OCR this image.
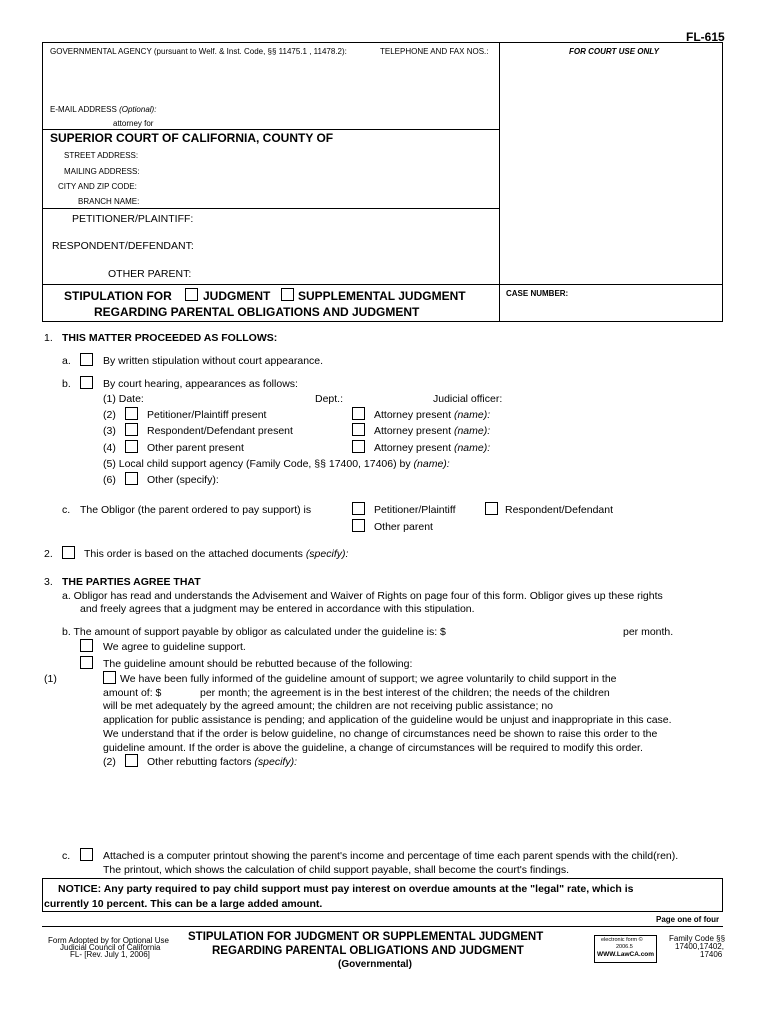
FL-615
GOVERNMENTAL AGENCY (pursuant to Welf. & Inst. Code, §§ 11475.1 , 11478.2):	TELEPHONE AND FAX NOS.:	FOR COURT USE ONLY
E-MAIL ADDRESS (Optional):
attorney for
SUPERIOR COURT OF CALIFORNIA, COUNTY OF
STREET ADDRESS:
MAILING ADDRESS:
CITY AND ZIP CODE:
BRANCH NAME:
PETITIONER/PLAINTIFF:
RESPONDENT/DEFENDANT:
OTHER PARENT:
STIPULATION FOR	JUDGMENT SUPPLEMENTAL JUDGMENT
REGARDING PARENTAL OBLIGATIONS AND JUDGMENT
CASE NUMBER:
1. THIS MATTER PROCEEDED AS FOLLOWS:
a.	By written stipulation without court appearance.
b.	By court hearing, appearances as follows:
(1) Date:	Dept.:	Judicial officer:
(2)	Petitioner/Plaintiff present	Attorney present (name):
(3)	Respondent/Defendant present	Attorney present (name):
(4)	Other parent present	Attorney present (name):
(5) Local child support agency (Family Code, §§ 17400, 17406) by (name):
(6)	Other (specify):
c. The Obligor (the parent ordered to pay support) is	Petitioner/Plaintiff	Respondent/Defendant
Other parent
2.	This order is based on the attached documents (specify):
3. THE PARTIES AGREE THAT
a. Obligor has read and understands the Advisement and Waiver of Rights on page four of this form. Obligor gives up these rights
and freely agrees that a judgment may be entered in accordance with this stipulation.
b. The amount of support payable by obligor as calculated under the guideline is: $	per month.
We agree to guideline support.
The guideline amount should be rebutted because of the following:
(1)	We have been fully informed of the guideline amount of support; we agree voluntarily to child support in the
amount of: $	per month; the agreement is in the best interest of the children; the needs of the children
will be met adequately by the agreed amount; the children are not receiving public assistance; no
application for public assistance is pending; and application of the guideline would be unjust and inappropriate in this case.
We understand that if the order is below guideline, no change of circumstances need be shown to raise this order to the
guideline amount. If the order is above the guideline, a change of circumstances will be required to modify this order.
(2)	Other rebutting factors (specify):
c.	Attached is a computer printout showing the parent's income and percentage of time each parent spends with the child(ren).
The printout, which shows the calculation of child support payable, shall become the court's findings.
NOTICE: Any party required to pay child support must pay interest on overdue amounts at the "legal" rate, which is
currently 10 percent. This can be a large added amount.
Page one of four
Form Adopted by for Optional Use
Judicial Council of California
FL- [Rev. July 1, 2006]
STIPULATION FOR JUDGMENT OR SUPPLEMENTAL JUDGMENT
REGARDING PARENTAL OBLIGATIONS AND JUDGMENT
(Governmental)
electronic form ©
2006.5
WWW.LawCA.com
Family Code §§
17400,17402,
17406
